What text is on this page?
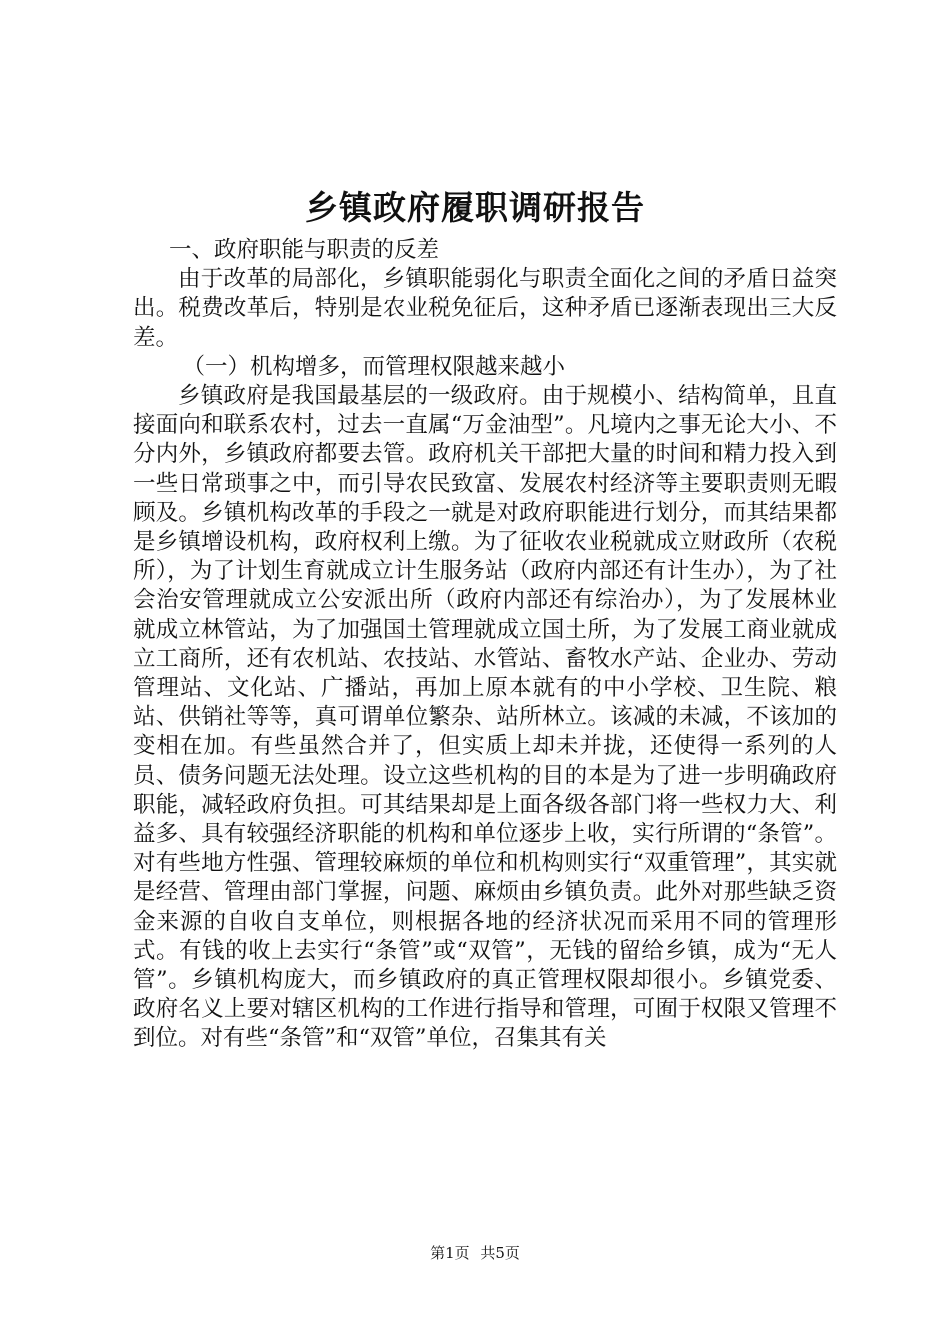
乡镇政府履职调研报告

一、政府职能与职责的反差

由于改革的局部化，乡镇职能弱化与职责全面化之间的矛盾日益突出。税费改革后，特别是农业税免征后，这种矛盾已逐渐表现出三大反差。

（一）机构增多，而管理权限越来越小

乡镇政府是我国最基层的一级政府。由于规模小、结构简单，且直接面向和联系农村，过去一直属“万金油型”。凡境内之事无论大小、不分内外，乡镇政府都要去管。政府机关干部把大量的时间和精力投入到一些日常琐事之中，而引导农民致富、发展农村经济等主要职责则无暇顾及。乡镇机构改革的手段之一就是对政府职能进行划分，而其结果都是乡镇增设机构，政府权利上缴。为了征收农业税就成立财政所（农税所），为了计划生育就成立计生服务站（政府内部还有计生办），为了社会治安管理就成立公安派出所（政府内部还有综治办），为了发展林业就成立林管站，为了加强国土管理就成立国土所，为了发展工商业就成立工商所，还有农机站、农技站、水管站、畜牧水产站、企业办、劳动管理站、文化站、广播站，再加上原本就有的中小学校、卫生院、粮站、供销社等等，真可谓单位繁杂、站所林立。该减的未减，不该加的变相在加。有些虽然合并了，但实质上却未并拢，还使得一系列的人员、债务问题无法处理。设立这些机构的目的本是为了进一步明确政府职能，减轻政府负担。可其结果却是上面各级各部门将一些权力大、利益多、具有较强经济职能的机构和单位逐步上收，实行所谓的“条管”。对有些地方性强、管理较麻烦的单位和机构则实行“双重管理”，其实就是经营、管理由部门掌握，问题、麻烦由乡镇负责。此外对那些缺乏资金来源的自收自支单位，则根据各地的经济状况而采用不同的管理形式。有钱的收上去实行“条管”或“双管”，无钱的留给乡镇，成为“无人管”。乡镇机构庞大，而乡镇政府的真正管理权限却很小。乡镇党委、政府名义上要对辖区机构的工作进行指导和管理，可囿于权限又管理不到位。对有些“条管”和“双管”单位，召集其有关

第1页 共5页
